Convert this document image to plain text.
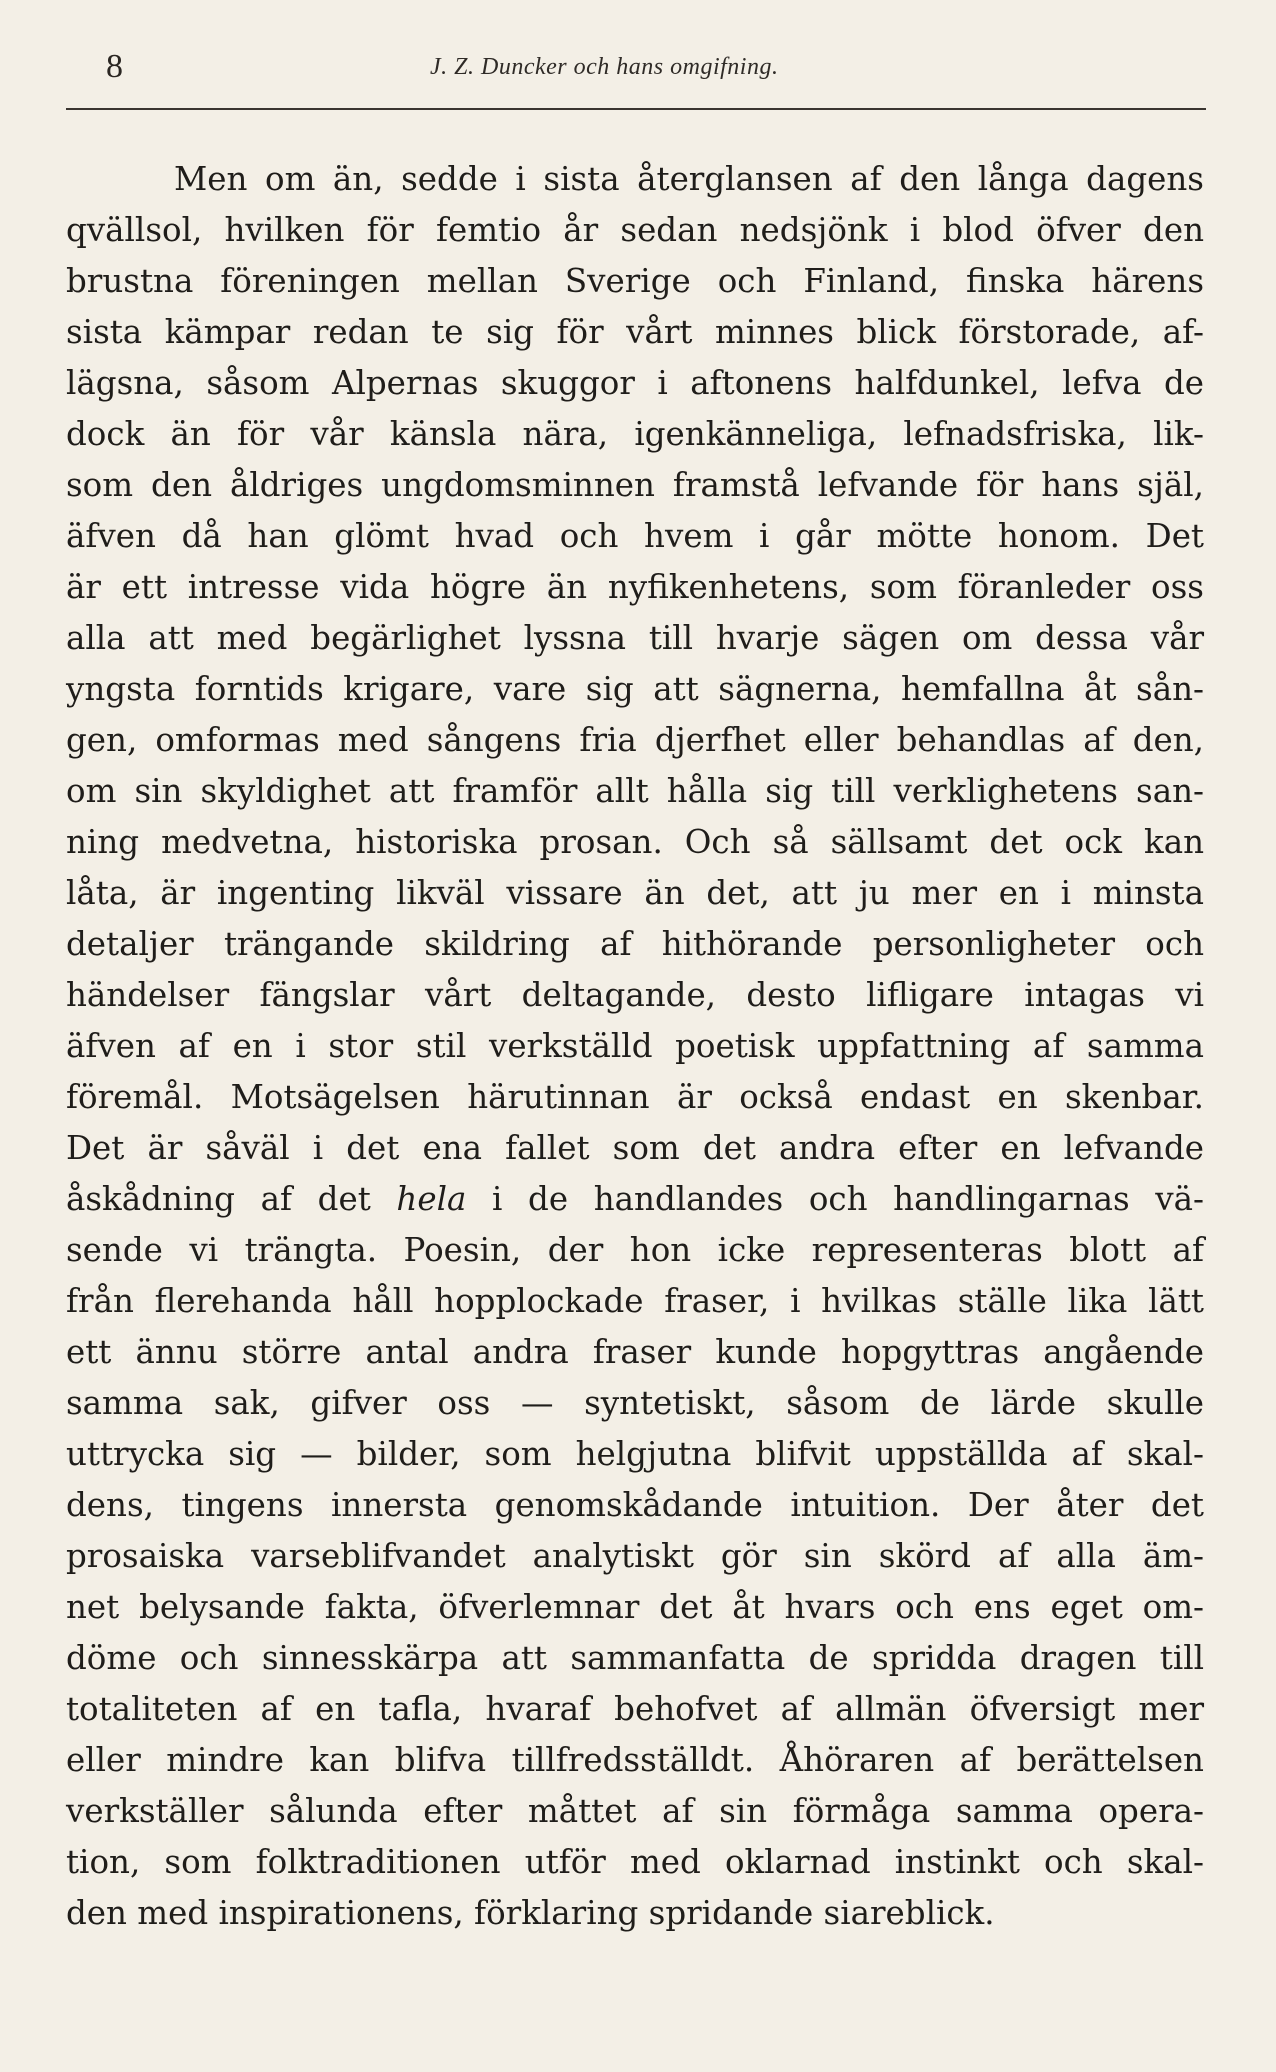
8	J. Z. Duncker och hans omgifning.
Men om än, sedde i sista återglansen af den långa dagens
qvällsol, hvilken för femtio år sedan nedsjönk i blod öfver den
brustna föreningen mellan Sverige och Finland, finska härens
sista kämpar redan te sig för vårt minnes blick förstorade, af-
lägsna, såsom Alpernas skuggor i aftonens halfdunkel, lefva de
dock än för vår känsla nära, igenkänneliga, lefnadsfriska, lik-
som den åldriges ungdomsminnen framstå lefvande för hans själ,
äfven då han glömt hvad och hvem i går mötte honom. Det
är ett intresse vida högre än nyfikenhetens, som föranleder oss
alla att med begärlighet lyssna till hvarje sägen om dessa vår
yngsta forntids krigare, vare sig att sägnerna, hemfallna åt sån-
gen, omformas med sångens fria djerfhet eller behandlas af den,
om sin skyldighet att framför allt hålla sig till verklighetens san-
ning medvetna, historiska prosan. Och så sällsamt det ock kan
låta, är ingenting likväl vissare än det, att ju mer en i minsta
detaljer trängande skildring af hithörande personligheter och
händelser fängslar vårt deltagande, desto lifligare intagas vi
äfven af en i stor stil verkställd poetisk uppfattning af samma
föremål. Motsägelsen härutinnan är också endast en skenbar.
Det är såväl i det ena fallet som det andra efter en lefvande
åskådning af det hela i de handlandes och handlingarnas vä-
sende vi trängta. Poesin, der hon icke representeras blott af
från flerehanda håll hopplockade fraser, i hvilkas ställe lika lätt
ett ännu större antal andra fraser kunde hopgyttras angående
samma sak, gifver oss — syntetiskt, såsom de lärde skulle
uttrycka sig — bilder, som helgjutna blifvit uppställda af skal-
dens, tingens innersta genomskådande intuition. Der åter det
prosaiska varseblifvandet analytiskt gör sin skörd af alla äm-
net belysande fakta, öfverlemnar det åt hvars och ens eget om-
döme och sinnesskärpa att sammanfatta de spridda dragen till
totaliteten af en tafla, hvaraf behofvet af allmän öfversigt mer
eller mindre kan blifva tillfredsställdt. Åhöraren af berättelsen
verkställer sålunda efter måttet af sin förmåga samma opera-
tion, som folktraditionen utför med oklarnad instinkt och skal-
den med inspirationens, förklaring spridande siareblick.
